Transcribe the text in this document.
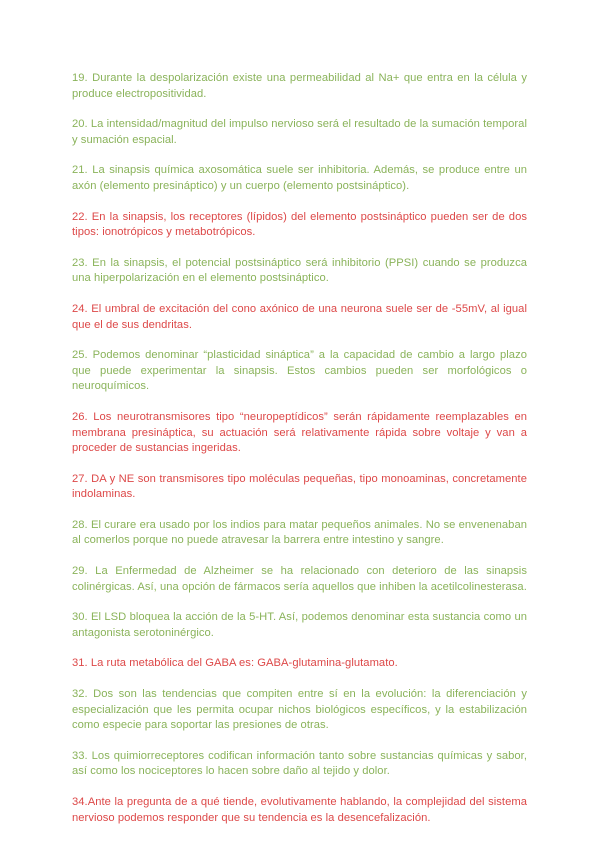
19. Durante la despolarización existe una permeabilidad al Na+ que entra en la célula y produce electropositividad.

20. La intensidad/magnitud del impulso nervioso será el resultado de la sumación temporal y sumación espacial.

21. La sinapsis química axosomática suele ser inhibitoria. Además, se produce entre un axón (elemento presináptico) y un cuerpo (elemento postsináptico).

22. En la sinapsis, los receptores (lípidos) del elemento postsináptico pueden ser de dos tipos: ionotrópicos y metabotrópicos.

23. En la sinapsis, el potencial postsináptico será inhibitorio (PPSI) cuando se produzca una hiperpolarización en el elemento postsináptico.

24. El umbral de excitación del cono axónico de una neurona suele ser de -55mV, al igual que el de sus dendritas.

25. Podemos denominar “plasticidad sináptica” a la capacidad de cambio a largo plazo que puede experimentar la sinapsis. Estos cambios pueden ser morfológicos o neuroquímicos.

26. Los neurotransmisores tipo “neuropeptídicos” serán rápidamente reemplazables en membrana presináptica, su actuación será relativamente rápida sobre voltaje y van a proceder de sustancias ingeridas.

27. DA y NE son transmisores tipo moléculas pequeñas, tipo monoaminas, concretamente indolaminas.

28. El curare era usado por los indios para matar pequeños animales. No se envenenaban al comerlos porque no puede atravesar la barrera entre intestino y sangre.

29. La Enfermedad de Alzheimer se ha relacionado con deterioro de las sinapsis colinérgicas. Así, una opción de fármacos sería aquellos que inhiben la acetilcolinesterasa.

30. El LSD bloquea la acción de la 5-HT. Así, podemos denominar esta sustancia como un antagonista serotoninérgico.

31. La ruta metabólica del GABA es: GABA-glutamina-glutamato.

32. Dos son las tendencias que compiten entre sí en la evolución: la diferenciación y especialización que les permita ocupar nichos biológicos específicos, y la estabilización como especie para soportar las presiones de otras.

33. Los quimiorreceptores codifican información tanto sobre sustancias químicas y sabor, así como los nociceptores lo hacen sobre daño al tejido y dolor.

34.Ante la pregunta de a qué tiende, evolutivamente hablando, la complejidad del sistema nervioso podemos responder que su tendencia es la desencefalización.
